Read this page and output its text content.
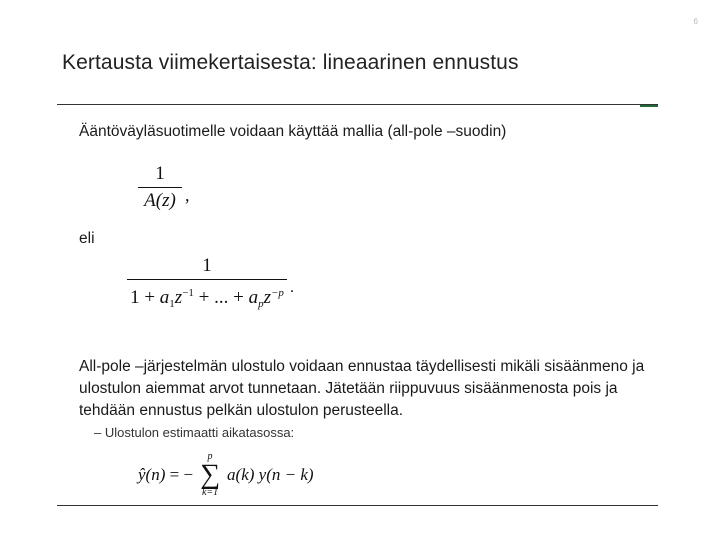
6
Kertausta viimekertaisesta: lineaarinen ennustus
Ääntöväyläsuotimelle voidaan käyttää mallia (all-pole –suodin)
$\frac{1}{A(z)}$ ,
eli
$\frac{1}{1 + a_1z^{-1} + ... + a_pz^{-p}}$ .
All-pole –järjestelmän ulostulo voidaan ennustaa täydellisesti mikäli sisäänmeno ja ulostulon aiemmat arvot tunnetaan. Jätetään riippuvuus sisäänmenosta pois ja tehdään ennustus pelkän ulostulon perusteella.
– Ulostulon estimaatti aikatasossa:
ŷ(n) = −
p
∑
k=1
a(k) y(n − k)
